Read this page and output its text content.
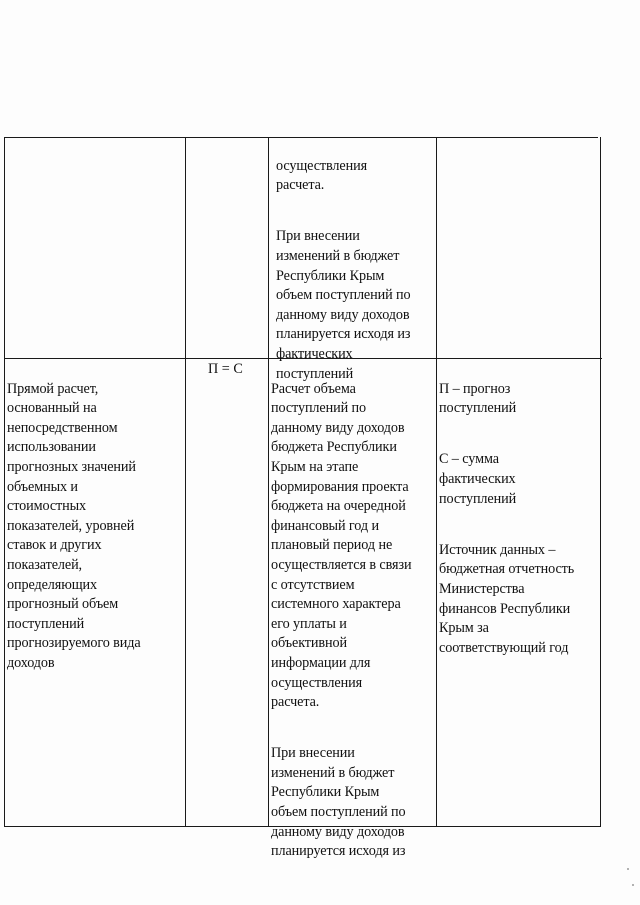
осуществления
расчета.

При внесении
изменений в бюджет
Республики Крым
объем поступлений по
данному виду доходов
планируется исходя из
фактических
поступлений

Прямой расчет,
основанный на
непосредственном
использовании
прогнозных значений
объемных и
стоимостных
показателей, уровней
ставок и других
показателей,
определяющих
прогнозный объем
поступлений
прогнозируемого вида
доходов

П = С

Расчет объема
поступлений по
данному виду доходов
бюджета Республики
Крым на этапе
формирования проекта
бюджета на очередной
финансовый год и
плановый период не
осуществляется в связи
с отсутствием
системного характера
его уплаты и
объективной
информации для
осуществления
расчета.

При внесении
изменений в бюджет
Республики Крым
объем поступлений по
данному виду доходов
планируется исходя из

П – прогноз
поступлений

С – сумма
фактических
поступлений

Источник данных –
бюджетная отчетность
Министерства
финансов Республики
Крым за
соответствующий год
